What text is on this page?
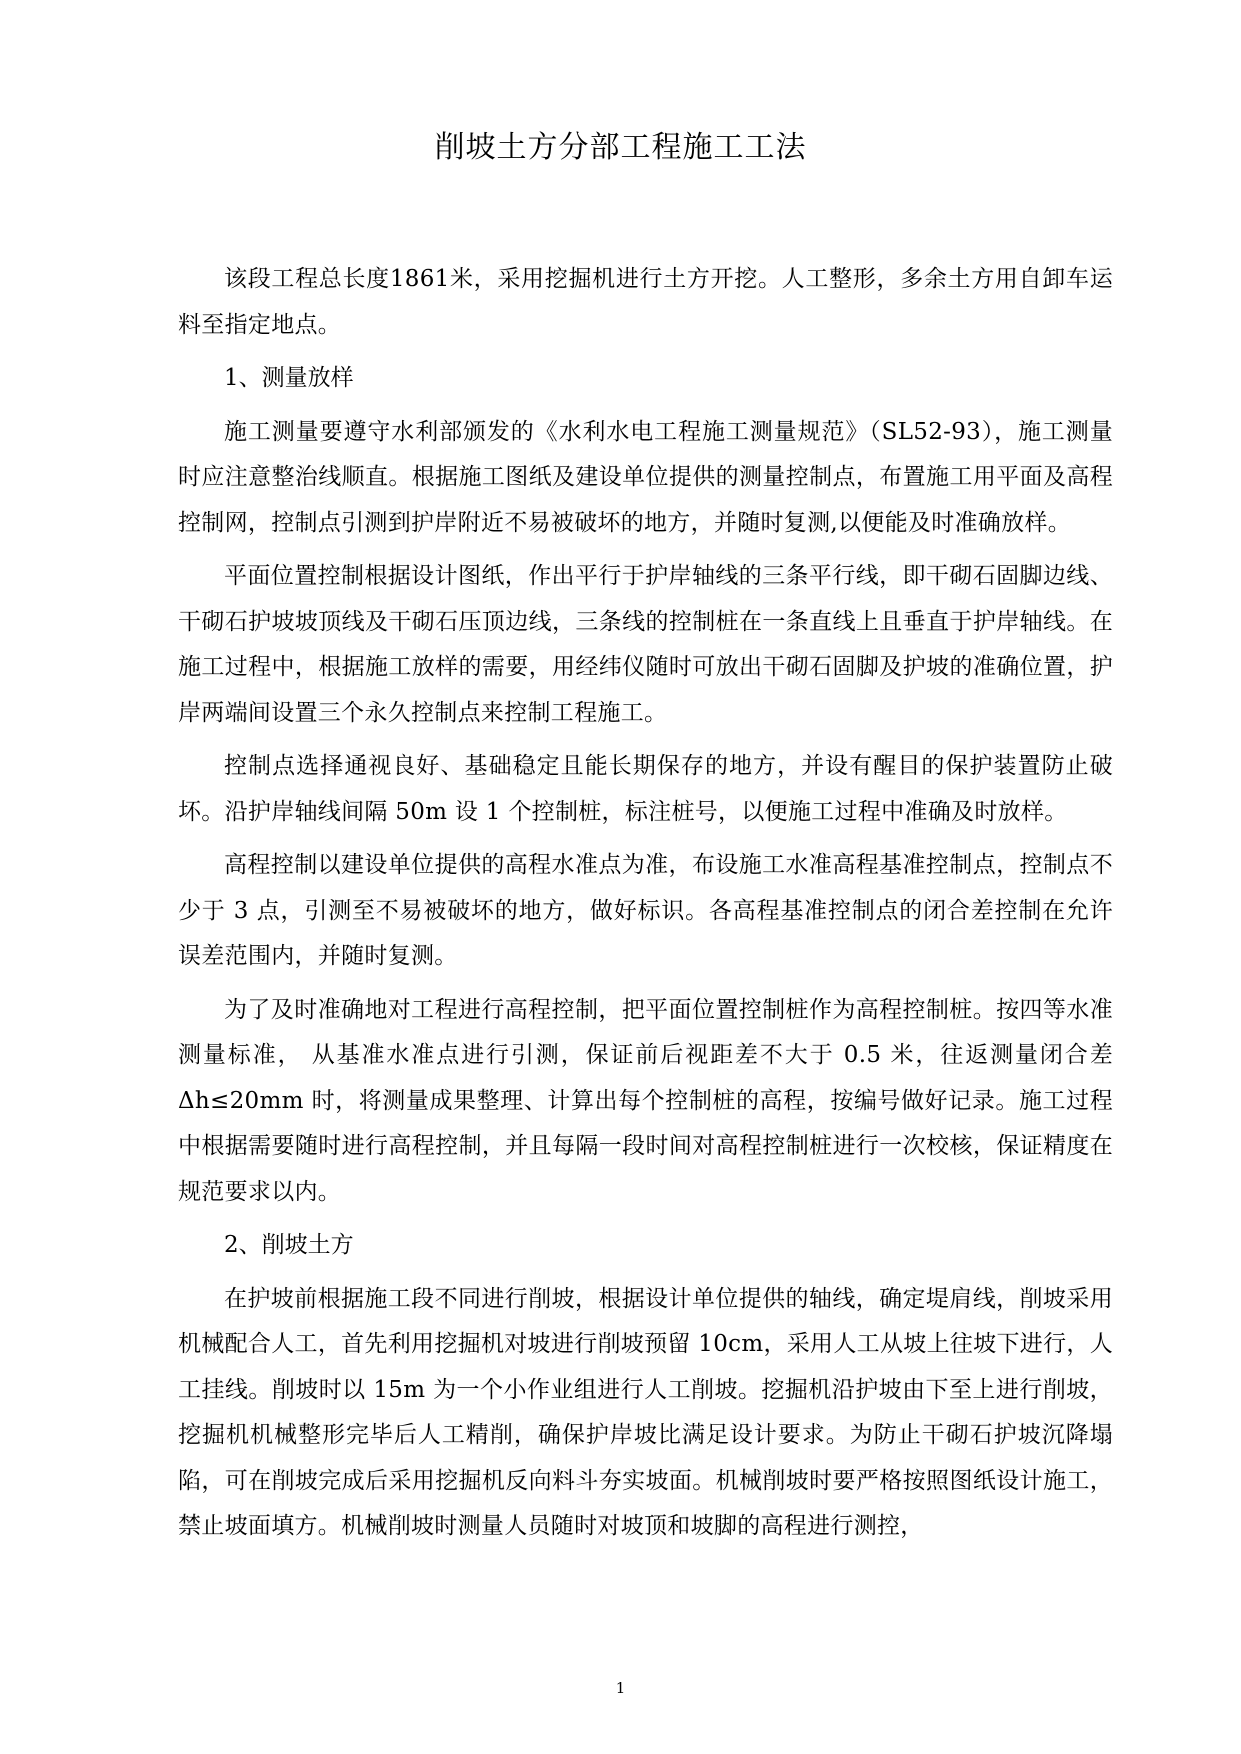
削坡土方分部工程施工工法

该段工程总长度1861米，采用挖掘机进行土方开挖。人工整形，多余土方用自卸车运料至指定地点。

1、测量放样

施工测量要遵守水利部颁发的《水利水电工程施工测量规范》（SL52-93），施工测量时应注意整治线顺直。根据施工图纸及建设单位提供的测量控制点，布置施工用平面及高程控制网，控制点引测到护岸附近不易被破坏的地方，并随时复测,以便能及时准确放样。

平面位置控制根据设计图纸，作出平行于护岸轴线的三条平行线，即干砌石固脚边线、干砌石护坡坡顶线及干砌石压顶边线，三条线的控制桩在一条直线上且垂直于护岸轴线。在施工过程中，根据施工放样的需要，用经纬仪随时可放出干砌石固脚及护坡的准确位置，护岸两端间设置三个永久控制点来控制工程施工。

控制点选择通视良好、基础稳定且能长期保存的地方，并设有醒目的保护装置防止破坏。沿护岸轴线间隔 50m 设 1 个控制桩，标注桩号，以便施工过程中准确及时放样。

高程控制以建设单位提供的高程水准点为准，布设施工水准高程基准控制点，控制点不少于 3 点，引测至不易被破坏的地方，做好标识。各高程基准控制点的闭合差控制在允许误差范围内，并随时复测。

为了及时准确地对工程进行高程控制，把平面位置控制桩作为高程控制桩。按四等水准测量标准， 从基准水准点进行引测，保证前后视距差不大于 0.5 米，往返测量闭合差 Δh≤20mm 时，将测量成果整理、计算出每个控制桩的高程，按编号做好记录。施工过程中根据需要随时进行高程控制，并且每隔一段时间对高程控制桩进行一次校核，保证精度在规范要求以内。

2、削坡土方

在护坡前根据施工段不同进行削坡，根据设计单位提供的轴线，确定堤肩线，削坡采用机械配合人工，首先利用挖掘机对坡进行削坡预留 10cm，采用人工从坡上往坡下进行，人工挂线。削坡时以 15m 为一个小作业组进行人工削坡。挖掘机沿护坡由下至上进行削坡，挖掘机机械整形完毕后人工精削，确保护岸坡比满足设计要求。为防止干砌石护坡沉降塌陷，可在削坡完成后采用挖掘机反向料斗夯实坡面。机械削坡时要严格按照图纸设计施工，禁止坡面填方。机械削坡时测量人员随时对坡顶和坡脚的高程进行测控，

1
